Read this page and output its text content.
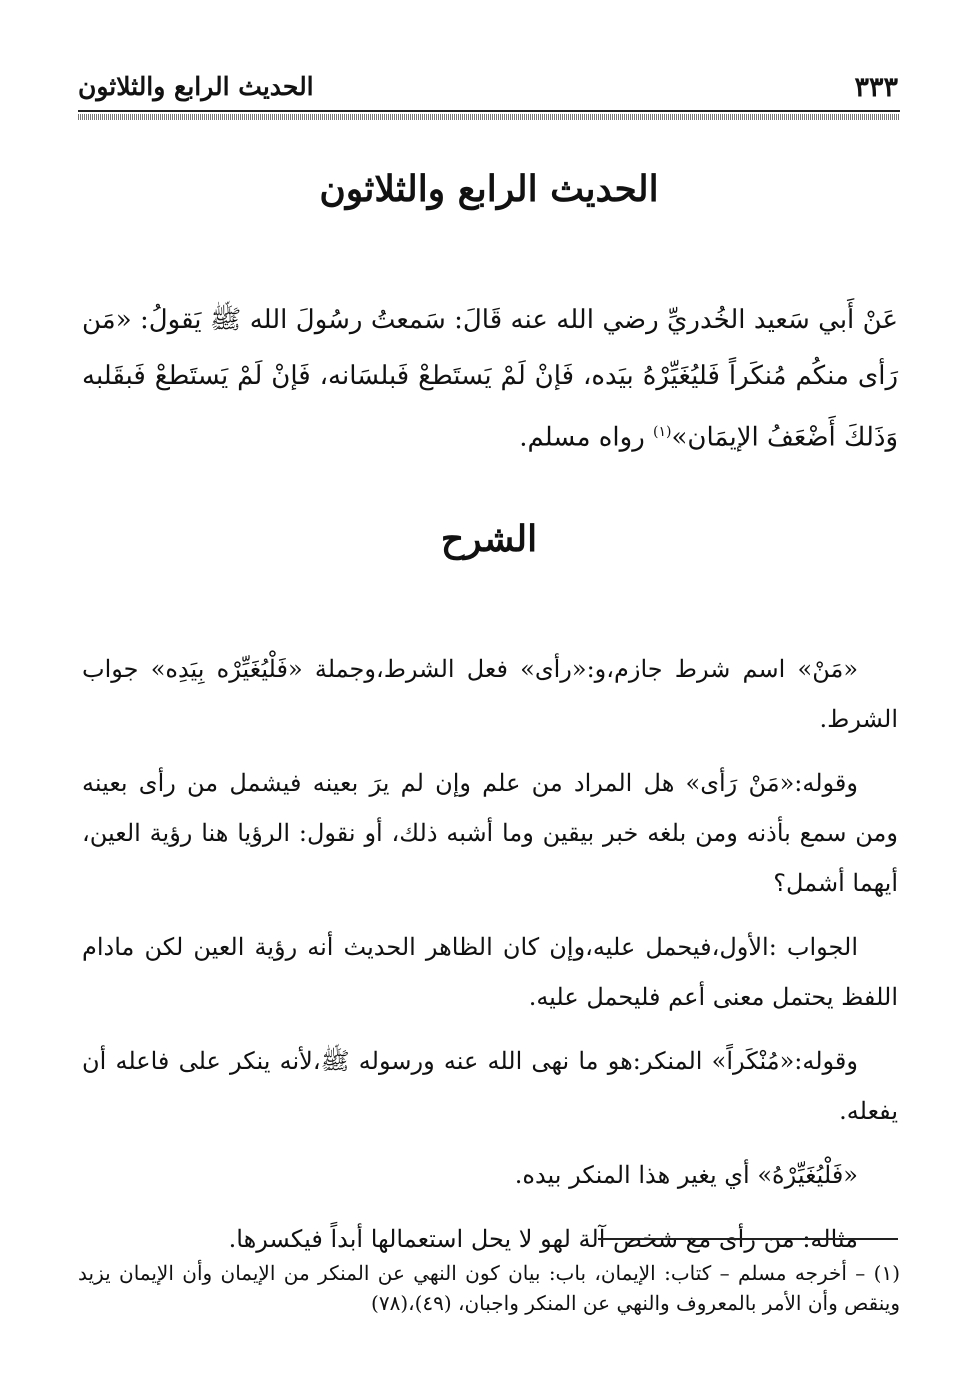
٣٣٣
الحديث الرابع والثلاثون
الحديث الرابع والثلاثون
عَنْ أَبي سَعيد الخُدريِّ رضي الله عنه قَالَ: سَمعتُ رسُولَ الله ﷺ يَقولُ: «مَن رَأى منكُم مُنكَراً فَليُغَيِّرْهُ بيَده، فَإنْ لَمْ يَستَطعْ فَبلسَانه، فَإنْ لَمْ يَستَطعْ فَبقَلبه وَذَلكَ أَضْعَفُ الإيمَان»$^{(١)}$ رواه مسلم.
الشرح

«مَنْ» اسم شرط جازم،و:«رأى» فعل الشرط،وجملة «فَلْيُغَيِّرْه بِيَدِه» جواب الشرط.

وقوله:«مَنْ رَأى» هل المراد من علم وإن لم يرَ بعينه فيشمل من رأى بعينه ومن سمع بأذنه ومن بلغه خبر بيقين وما أشبه ذلك، أو نقول: الرؤيا هنا رؤية العين، أيهما أشمل؟

الجواب :الأول،فيحمل عليه،وإن كان الظاهر الحديث أنه رؤية العين لكن مادام اللفظ يحتمل معنى أعم فليحمل عليه.

وقوله:«مُنْكَراً» المنكر:هو ما نهى الله عنه ورسوله ﷺ،لأنه ينكر على فاعله أن يفعله.

«فَلْيُغَيِّرْهُ» أي يغير هذا المنكر بيده.

مثاله: من رأى مع شخص آلة لهو لا يحل استعمالها أبداً فيكسرها.

(١) – أخرجه مسلم – كتاب: الإيمان، باب: بيان كون النهي عن المنكر من الإيمان وأن الإيمان يزيد وينقص وأن الأمر بالمعروف والنهي عن المنكر واجبان، (٤٩)،(٧٨)
